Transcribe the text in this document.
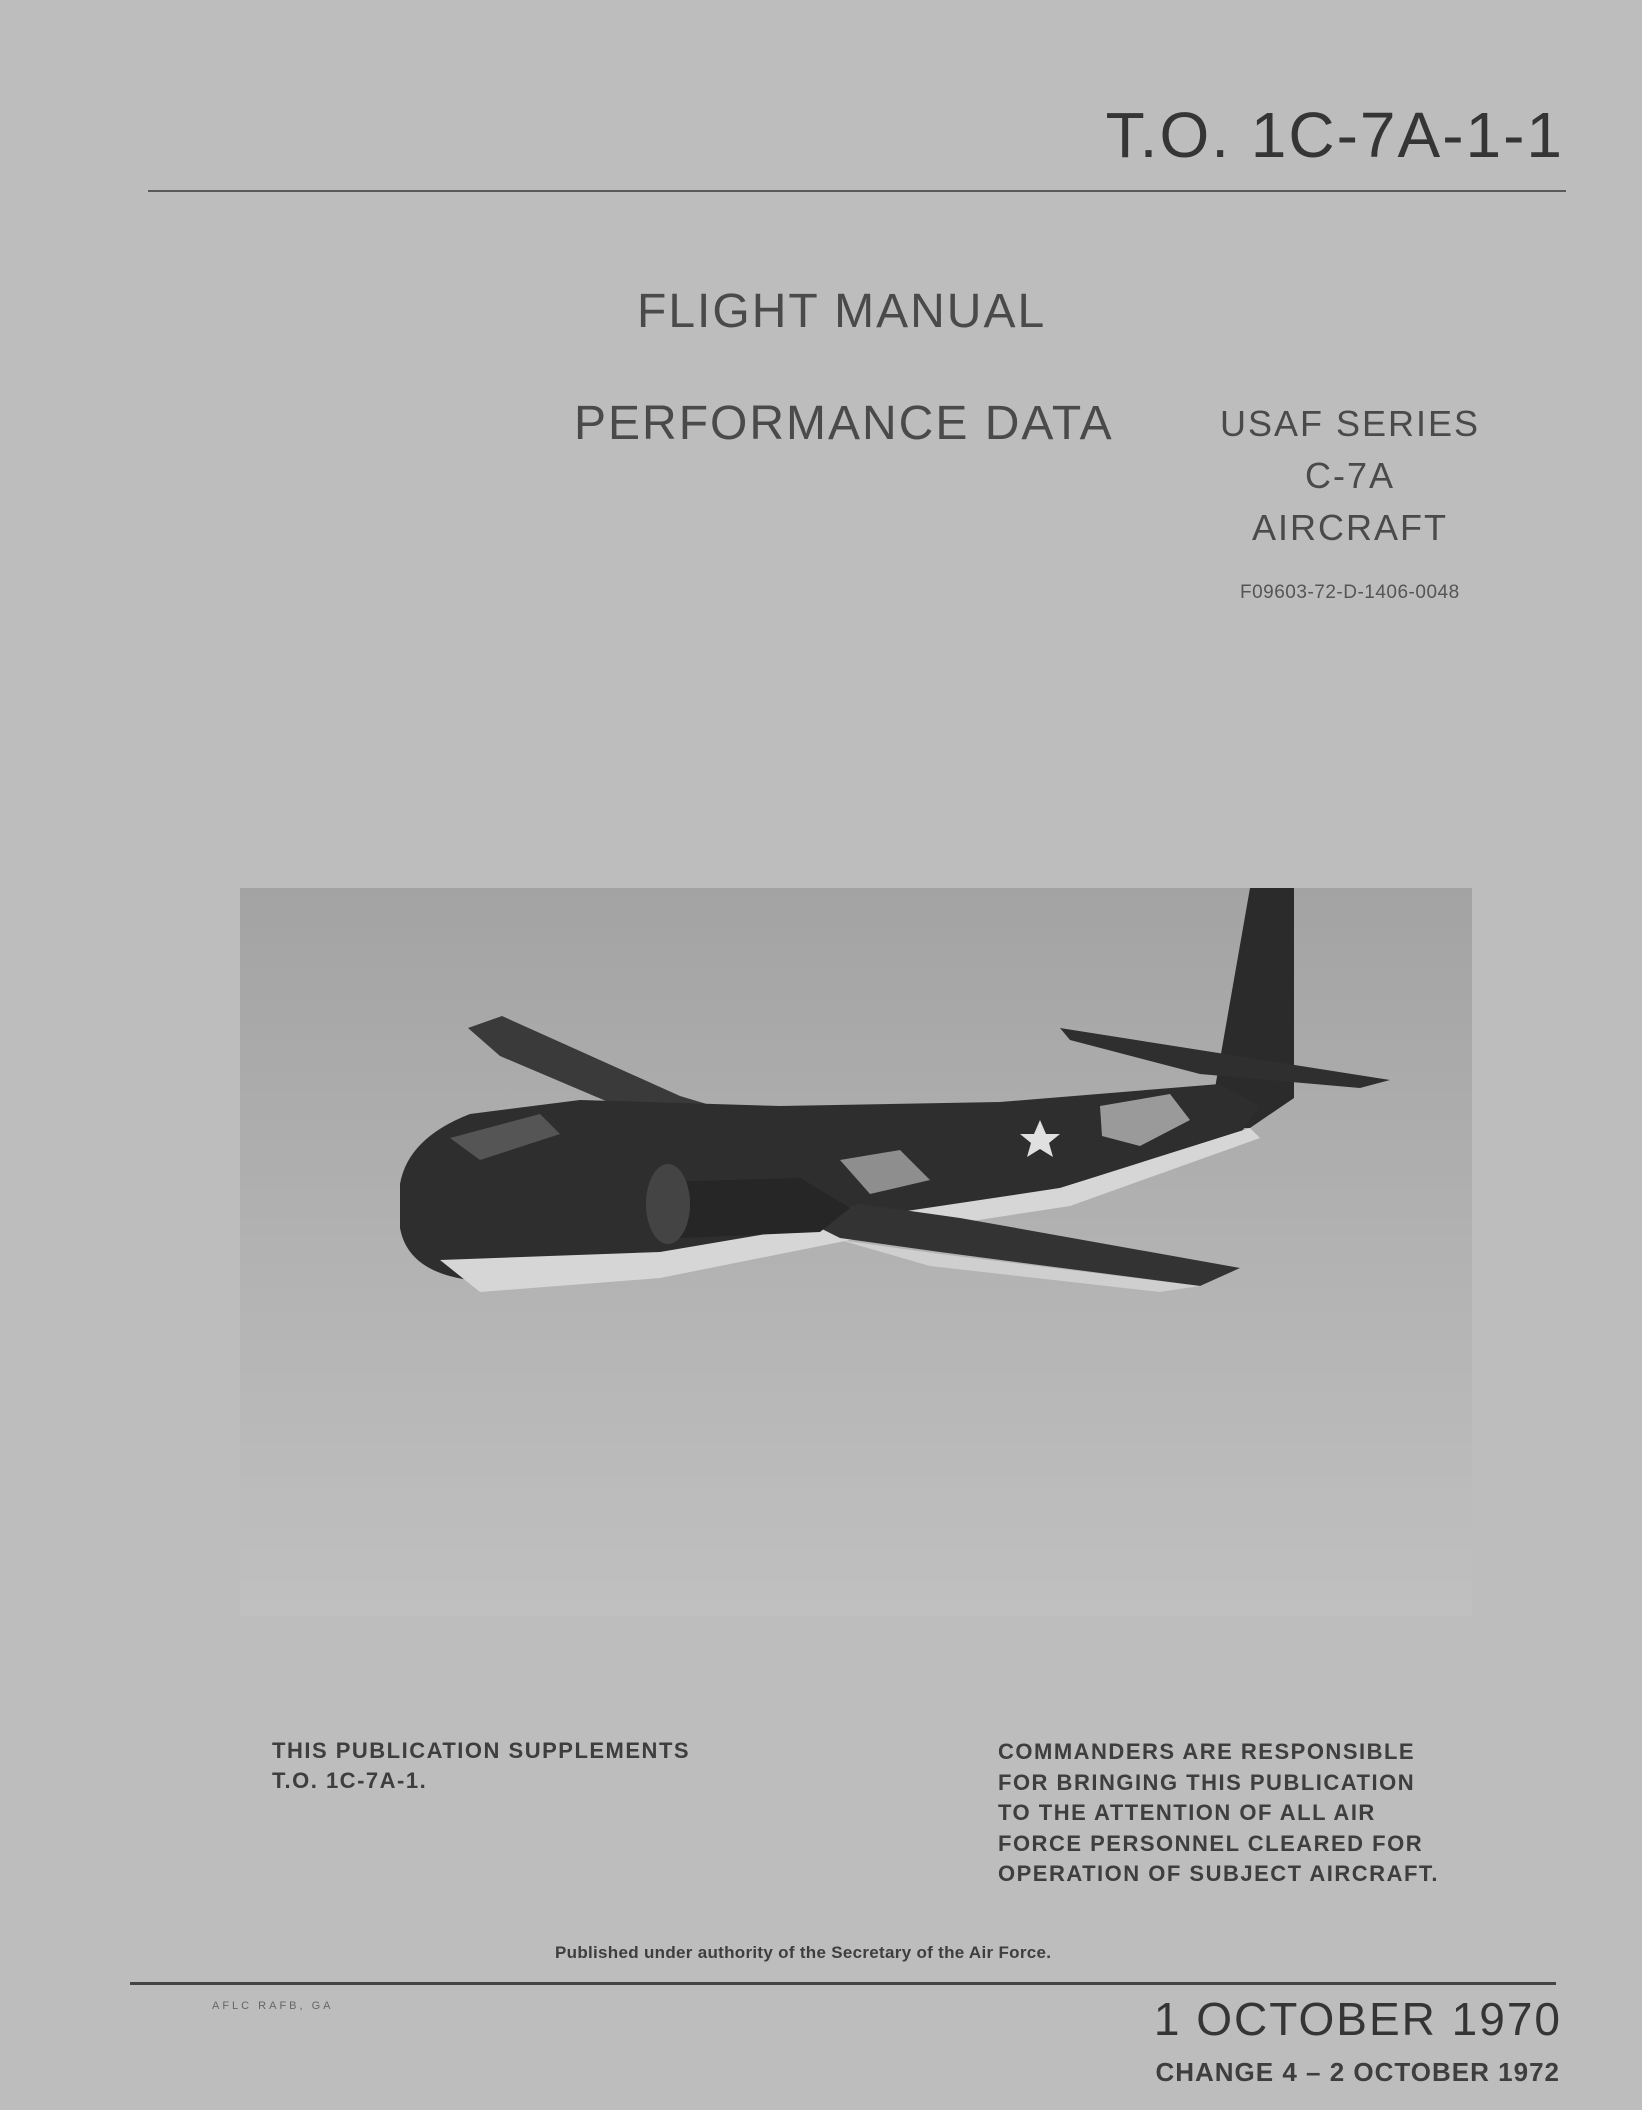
T.O. 1C-7A-1-1
FLIGHT MANUAL
PERFORMANCE DATA	USAF SERIES
C-7A
AIRCRAFT
F09603-72-D-1406-0048
THIS PUBLICATION SUPPLEMENTS
T.O. 1C-7A-1.
COMMANDERS ARE RESPONSIBLE
FOR BRINGING THIS PUBLICATION
TO THE ATTENTION OF ALL AIR
FORCE PERSONNEL CLEARED FOR
OPERATION OF SUBJECT AIRCRAFT.
Published under authority of the Secretary of the Air Force.
AFLC RAFB, GA	1 OCTOBER 1970
CHANGE 4 – 2 OCTOBER 1972
